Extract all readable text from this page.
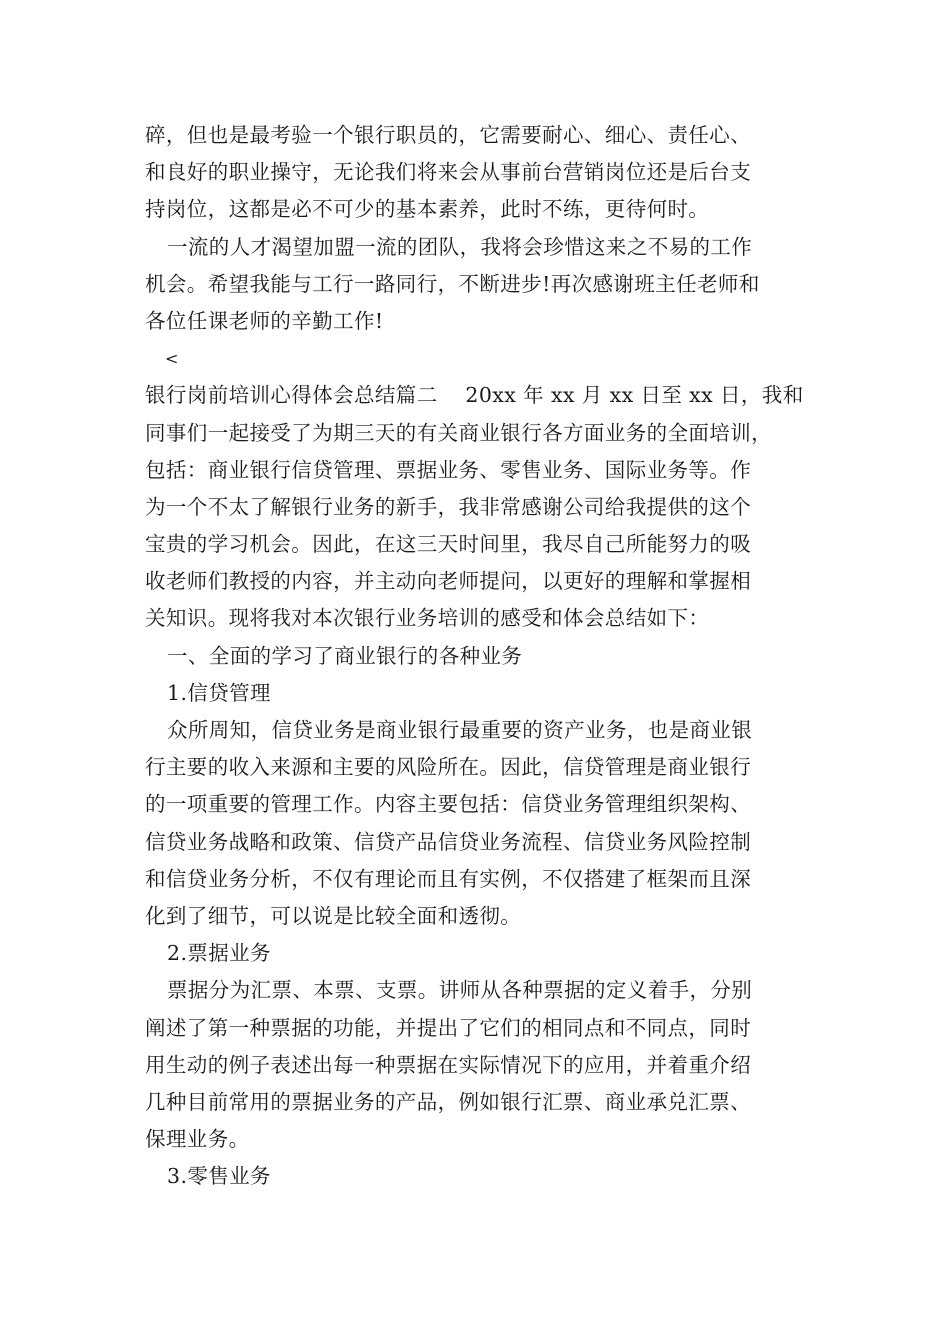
碎，但也是最考验一个银行职员的，它需要耐心、细心、责任心、
和良好的职业操守，无论我们将来会从事前台营销岗位还是后台支
持岗位，这都是必不可少的基本素养，此时不练，更待何时。
一流的人才渴望加盟一流的团队，我将会珍惜这来之不易的工作
机会。希望我能与工行一路同行，不断进步!再次感谢班主任老师和
各位任课老师的辛勤工作!
<
银行岗前培训心得体会总结篇二　 20xx 年 xx 月 xx 日至 xx 日，我和
同事们一起接受了为期三天的有关商业银行各方面业务的全面培训，
包括：商业银行信贷管理、票据业务、零售业务、国际业务等。作
为一个不太了解银行业务的新手，我非常感谢公司给我提供的这个
宝贵的学习机会。因此，在这三天时间里，我尽自己所能努力的吸
收老师们教授的内容，并主动向老师提问，以更好的理解和掌握相
关知识。现将我对本次银行业务培训的感受和体会总结如下：
一、全面的学习了商业银行的各种业务
1.信贷管理
众所周知，信贷业务是商业银行最重要的资产业务，也是商业银
行主要的收入来源和主要的风险所在。因此，信贷管理是商业银行
的一项重要的管理工作。内容主要包括：信贷业务管理组织架构、
信贷业务战略和政策、信贷产品信贷业务流程、信贷业务风险控制
和信贷业务分析，不仅有理论而且有实例，不仅搭建了框架而且深
化到了细节，可以说是比较全面和透彻。
2.票据业务
票据分为汇票、本票、支票。讲师从各种票据的定义着手，分别
阐述了第一种票据的功能，并提出了它们的相同点和不同点，同时
用生动的例子表述出每一种票据在实际情况下的应用，并着重介绍
几种目前常用的票据业务的产品，例如银行汇票、商业承兑汇票、
保理业务。
3.零售业务
